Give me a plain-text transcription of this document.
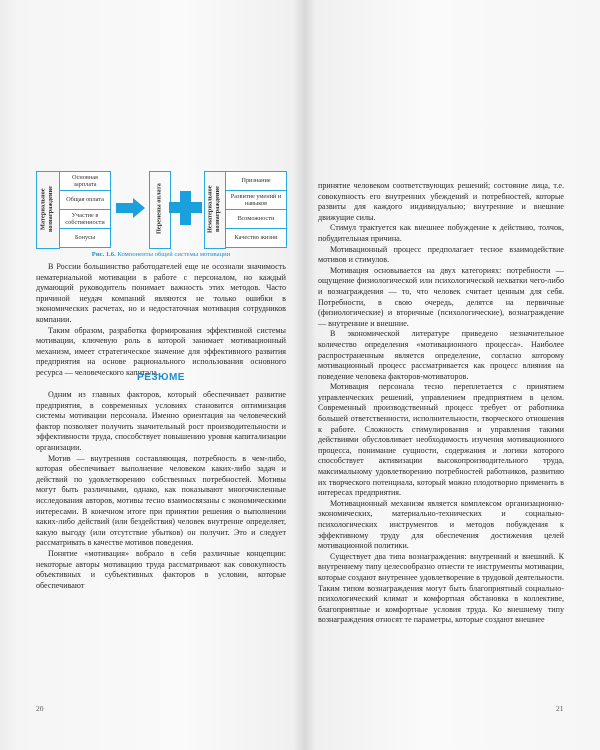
Материальное вознаграждение
Основная зарплата
Общая оплата
Участие в собственности
Бонусы
Перемены оплата	Нематериальное вознаграждение
Признание
Развитие умений и навыков
Возможности
Качество жизни
Рис. 1.6. Компоненты общей системы мотивации

В России большинство работодателей еще не осознали значимость нематериальной мотивации в работе с персоналом, но каждый думающий руководитель понимает важность этих методов. Часто причиной неудач компаний являются не только ошибки в экономических расчетах, но и недостаточная мотивация сотрудников компании.

Таким образом, разработка формирования эффективной системы мотивации, ключевую роль в которой занимает мотивационный механизм, имеет стратегическое значение для эффективного развития предприятия на основе рационального использования основного ресурса — человеческого капитала.

РЕЗЮМЕ

Одним из главных факторов, который обеспечивает развитие предприятия, в современных условиях становится оптимизация системы мотивации персонала. Именно ориентация на человеческий фактор позволяет получить значительный рост производительности и эффективности труда, способствует повышению уровня капитализации организации.

Мотив — внутренняя составляющая, потребность в чем-либо, которая обеспечивает выполнение человеком каких-либо задач и действий по удовлетворению собственных потребностей. Мотивы могут быть различными, однако, как показывают многочисленные исследования авторов, мотивы тесно взаимосвязаны с экономическими интересами. В конечном итоге при принятии решения о выполнении каких-либо действий (или бездействия) человек внутренне определяет, какую выгоду (или отсутствие убытков) он получит. Это и следует рассматривать в качестве мотивов поведения.

Понятие «мотивация» вобрало в себя различные концепции: некоторые авторы мотивацию труда рассматривают как совокупность объективных и субъективных факторов в условии, которые обеспечивают

20

принятие человеком соответствующих решений; состояние лица, т.е. совокупность его внутренних убеждений и потребностей, которые развиты для каждого индивидуально; внутренние и внешние движущие силы.

Стимул трактуется как внешнее побуждение к действию, толчок, побудительная причина.

Мотивационный процесс предполагает тесное взаимодействие мотивов и стимулов.

Мотивация основывается на двух категориях: потребности — ощущение физиологической или психологической нехватки чего-либо и вознаграждения — то, что человек считает ценным для себя. Потребности, в свою очередь, делятся на первичные (физиологические) и вторичные (психологические), вознаграждение — внутренние и внешние.

В экономической литературе приведено незначительное количество определения «мотивационного процесса». Наиболее распространенным является определение, согласно которому мотивационный процесс рассматривается как процесс влияния на поведение человека факторов-мотиваторов.

Мотивация персонала тесно переплетается с принятием управленческих решений, управлением предприятием в целом. Современный производственный процесс требует от работника большей ответственности, исполнительности, творческого отношения к работе. Сложность стимулирования и управления такими действиями обусловливает необходимость изучения мотивационного процесса, понимание сущности, содержания и логики которого способствует активизации высокопроизводительного труда, максимальному удовлетворению потребностей работников, развитию их творческого потенциала, который можно плодотворно применить в интересах предприятия.

Мотивационный механизм является комплексом организационно-экономических, материально-технических и социально-психологических инструментов и методов побуждения к эффективному труду для обеспечения достижения целей мотивационной политики.

Существует два типа вознаграждения: внутренний и внешний. К внутреннему типу целесообразно отнести те инструменты мотивации, которые создают внутреннее удовлетворение в трудовой деятельности. Таким типом вознаграждения могут быть благоприятный социально-психологический климат и комфортная обстановка в коллективе, благоприятные и комфортные условия труда. Ко внешнему типу вознаграждения относят те параметры, которые создают внешнее

21
